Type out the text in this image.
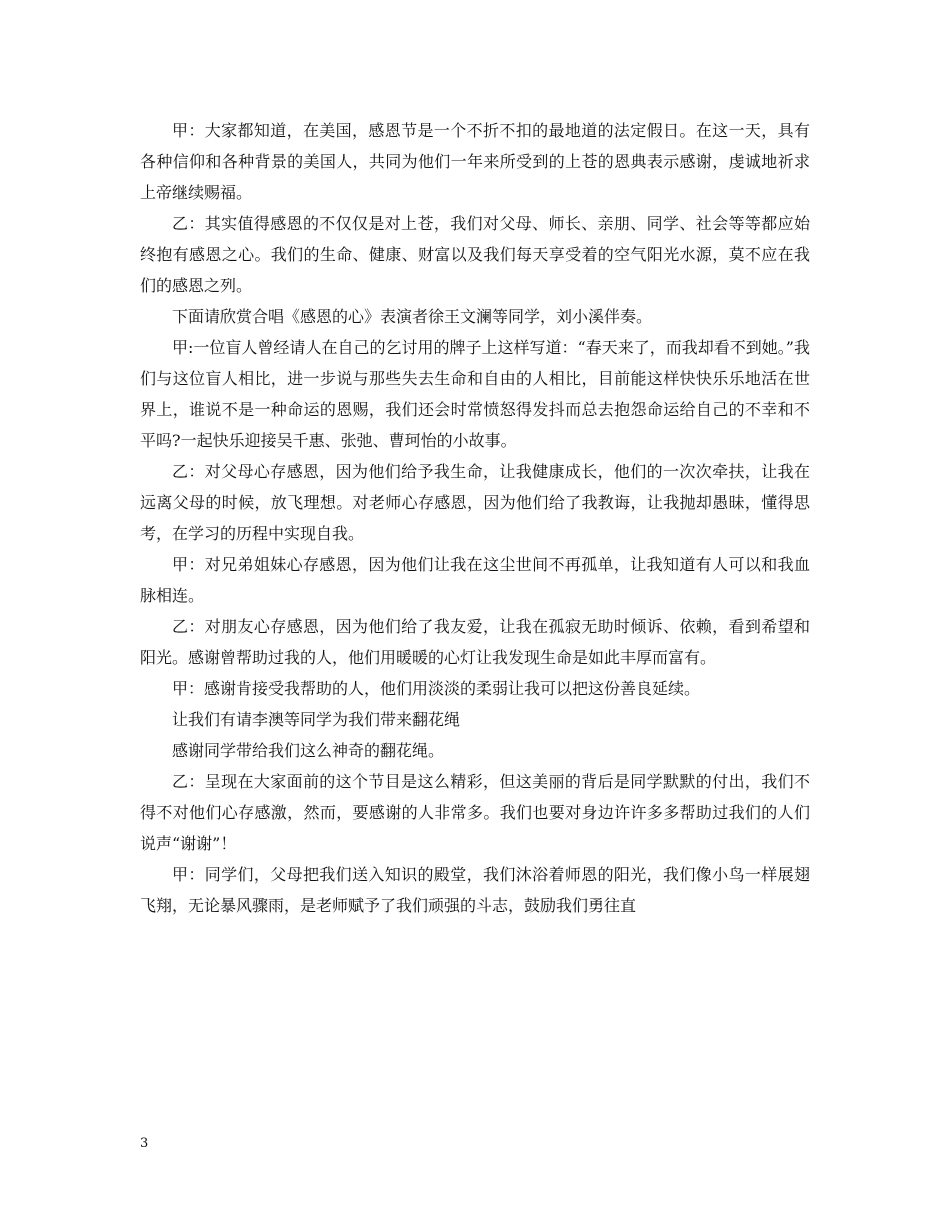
甲：大家都知道，在美国，感恩节是一个不折不扣的最地道的法定假日。在这一天，具有各种信仰和各种背景的美国人，共同为他们一年来所受到的上苍的恩典表示感谢，虔诚地祈求上帝继续赐福。

乙：其实值得感恩的不仅仅是对上苍，我们对父母、师长、亲朋、同学、社会等等都应始终抱有感恩之心。我们的生命、健康、财富以及我们每天享受着的空气阳光水源，莫不应在我们的感恩之列。

下面请欣赏合唱《感恩的心》表演者徐王文澜等同学，刘小溪伴奏。

甲:一位盲人曾经请人在自己的乞讨用的牌子上这样写道：“春天来了，而我却看不到她。”我们与这位盲人相比，进一步说与那些失去生命和自由的人相比，目前能这样快快乐乐地活在世界上，谁说不是一种命运的恩赐，我们还会时常愤怒得发抖而总去抱怨命运给自己的不幸和不平吗?一起快乐迎接吴千惠、张弛、曹珂怡的小故事。

乙：对父母心存感恩，因为他们给予我生命，让我健康成长，他们的一次次牵扶，让我在远离父母的时候，放飞理想。对老师心存感恩，因为他们给了我教诲，让我抛却愚昧，懂得思考，在学习的历程中实现自我。

甲：对兄弟姐妹心存感恩，因为他们让我在这尘世间不再孤单，让我知道有人可以和我血脉相连。

乙：对朋友心存感恩，因为他们给了我友爱，让我在孤寂无助时倾诉、依赖，看到希望和阳光。感谢曾帮助过我的人，他们用暖暖的心灯让我发现生命是如此丰厚而富有。

甲：感谢肯接受我帮助的人，他们用淡淡的柔弱让我可以把这份善良延续。

让我们有请李澳等同学为我们带来翻花绳

感谢同学带给我们这么神奇的翻花绳。

乙：呈现在大家面前的这个节目是这么精彩，但这美丽的背后是同学默默的付出，我们不得不对他们心存感激，然而，要感谢的人非常多。我们也要对身边许许多多帮助过我们的人们说声“谢谢”！

甲：同学们，父母把我们送入知识的殿堂，我们沐浴着师恩的阳光，我们像小鸟一样展翅飞翔，无论暴风骤雨，是老师赋予了我们顽强的斗志，鼓励我们勇往直

3
